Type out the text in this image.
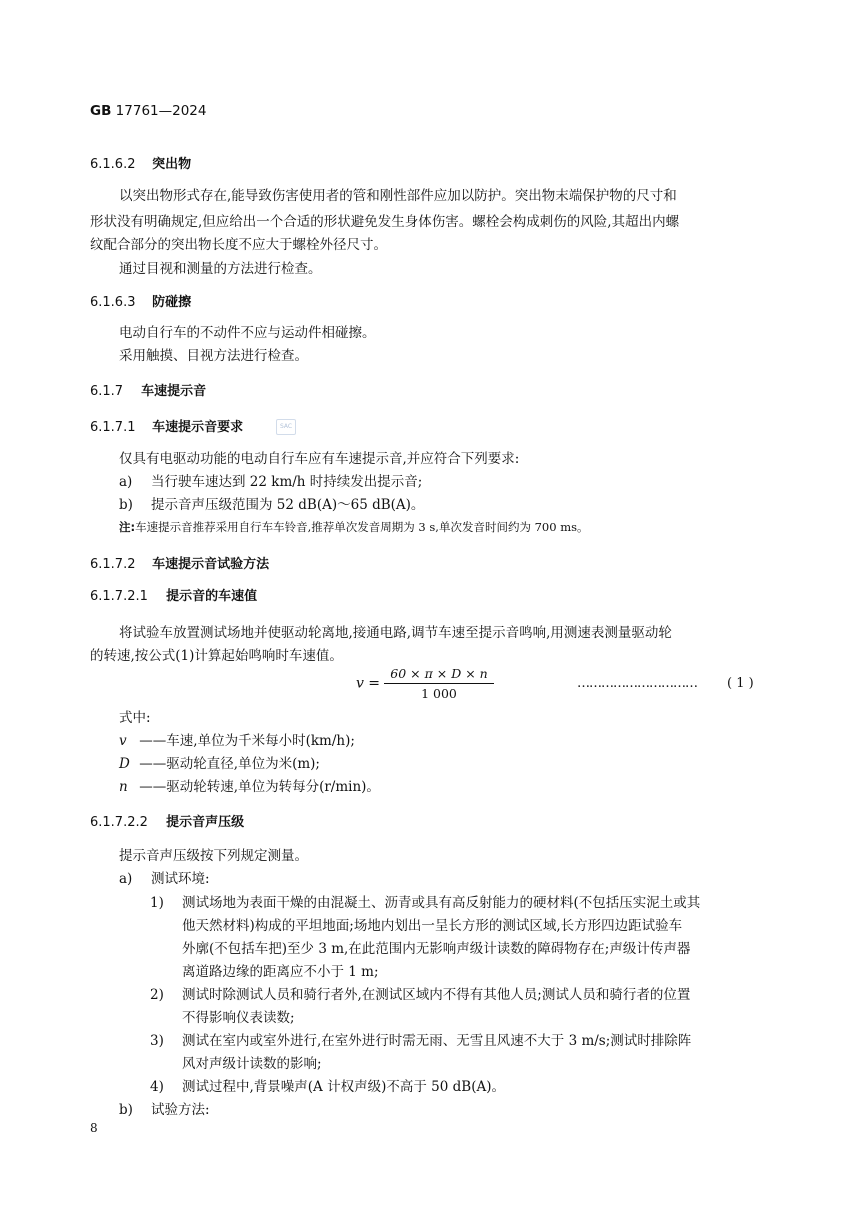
GB 17761—2024
6.1.6.2 突出物
以突出物形式存在,能导致伤害使用者的管和刚性部件应加以防护。突出物末端保护物的尺寸和
形状没有明确规定,但应给出一个合适的形状避免发生身体伤害。螺栓会构成刺伤的风险,其超出内螺
纹配合部分的突出物长度不应大于螺栓外径尺寸。
通过目视和测量的方法进行检查。
6.1.6.3 防碰擦
电动自行车的不动件不应与运动件相碰擦。
采用触摸、目视方法进行检查。
6.1.7 车速提示音
6.1.7.1 车速提示音要求	SAC
仅具有电驱动功能的电动自行车应有车速提示音,并应符合下列要求:
a) 当行驶车速达到 22 km/h 时持续发出提示音;
b) 提示音声压级范围为 52 dB(A)～65 dB(A)。
注:车速提示音推荐采用自行车车铃音,推荐单次发音周期为 3 s,单次发音时间约为 700 ms。
6.1.7.2 车速提示音试验方法
6.1.7.2.1 提示音的车速值
将试验车放置测试场地并使驱动轮离地,接通电路,调节车速至提示音鸣响,用测速表测量驱动轮
的转速,按公式(1)计算起始鸣响时车速值。
$v = \frac{60 \times \pi \times D \times n}{1 000}$	………………………… ( 1 )
式中:
v ——车速,单位为千米每小时(km/h);
D ——驱动轮直径,单位为米(m);
n ——驱动轮转速,单位为转每分(r/min)。
6.1.7.2.2 提示音声压级
提示音声压级按下列规定测量。
a) 测试环境:
1) 测试场地为表面干燥的由混凝土、沥青或具有高反射能力的硬材料(不包括压实泥土或其
他天然材料)构成的平坦地面;场地内划出一呈长方形的测试区域,长方形四边距试验车
外廓(不包括车把)至少 3 m,在此范围内无影响声级计读数的障碍物存在;声级计传声器
离道路边缘的距离应不小于 1 m;
2) 测试时除测试人员和骑行者外,在测试区域内不得有其他人员;测试人员和骑行者的位置
不得影响仪表读数;
3) 测试在室内或室外进行,在室外进行时需无雨、无雪且风速不大于 3 m/s;测试时排除阵
风对声级计读数的影响;
4) 测试过程中,背景噪声(A 计权声级)不高于 50 dB(A)。
b) 试验方法:
8
